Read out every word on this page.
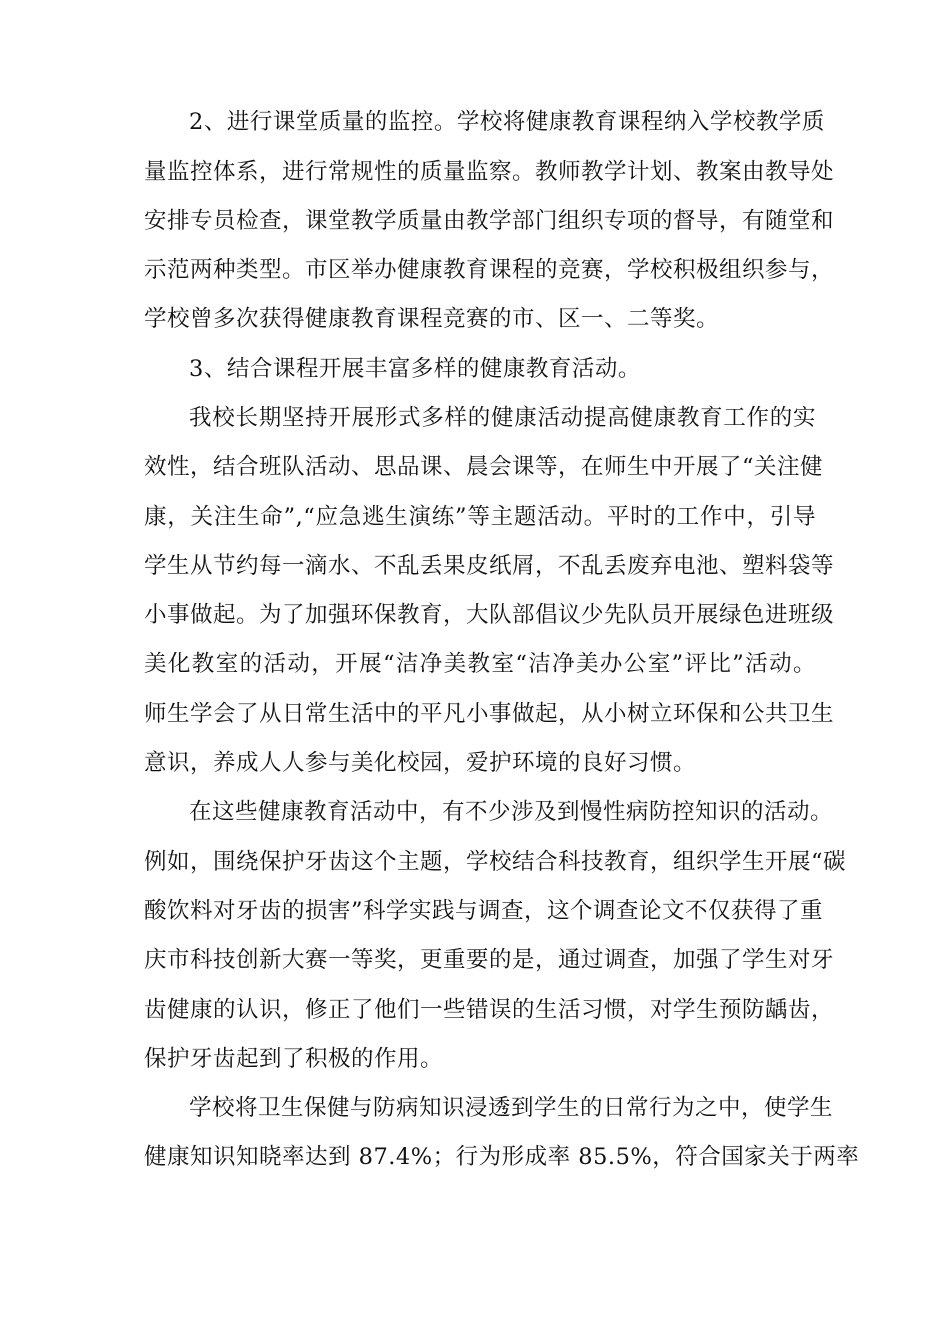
2、进行课堂质量的监控。学校将健康教育课程纳入学校教学质
量监控体系，进行常规性的质量监察。教师教学计划、教案由教导处
安排专员检查，课堂教学质量由教学部门组织专项的督导，有随堂和
示范两种类型。市区举办健康教育课程的竞赛，学校积极组织参与，
学校曾多次获得健康教育课程竞赛的市、区一、二等奖。
3、结合课程开展丰富多样的健康教育活动。
我校长期坚持开展形式多样的健康活动提高健康教育工作的实
效性，结合班队活动、思品课、晨会课等，在师生中开展了“关注健
康，关注生命”,“应急逃生演练”等主题活动。平时的工作中，引导
学生从节约每一滴水、不乱丢果皮纸屑，不乱丢废弃电池、塑料袋等
小事做起。为了加强环保教育，大队部倡议少先队员开展绿色进班级
美化教室的活动，开展“洁净美教室“洁净美办公室”评比”活动。
师生学会了从日常生活中的平凡小事做起，从小树立环保和公共卫生
意识，养成人人参与美化校园，爱护环境的良好习惯。
在这些健康教育活动中，有不少涉及到慢性病防控知识的活动。
例如，围绕保护牙齿这个主题，学校结合科技教育，组织学生开展“碳
酸饮料对牙齿的损害”科学实践与调查，这个调查论文不仅获得了重
庆市科技创新大赛一等奖，更重要的是，通过调查，加强了学生对牙
齿健康的认识，修正了他们一些错误的生活习惯，对学生预防龋齿，
保护牙齿起到了积极的作用。
学校将卫生保健与防病知识浸透到学生的日常行为之中，使学生
健康知识知晓率达到 87.4%；行为形成率 85.5%，符合国家关于两率
